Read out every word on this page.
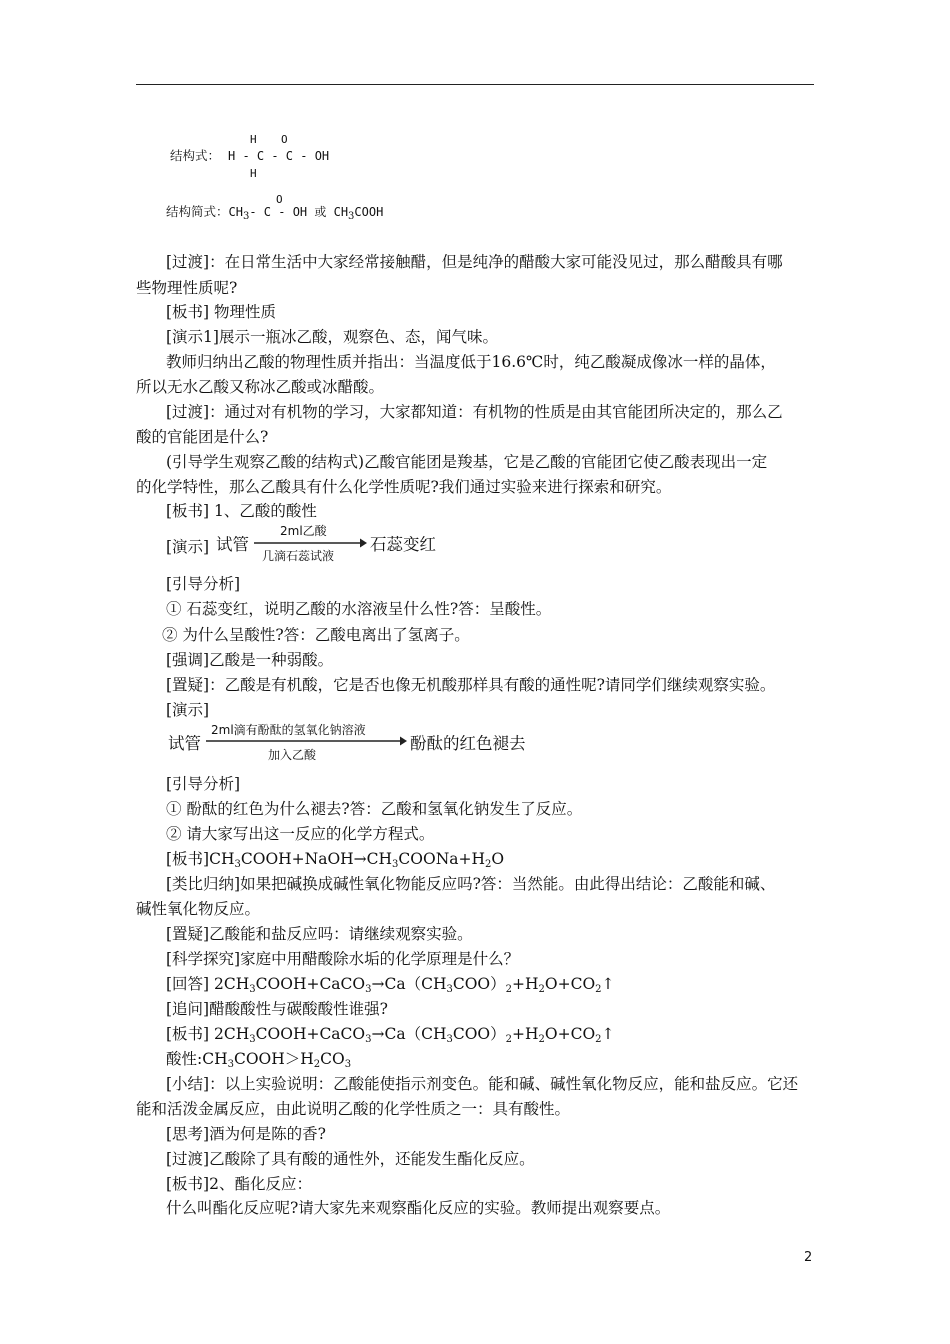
H O
结构式： H - C - C - OH
H
O
结构简式：$CH_3-$ C - OH 或 $CH_3COOH$
[过渡]：在日常生活中大家经常接触醋，但是纯净的醋酸大家可能没见过，那么醋酸具有哪
些物理性质呢?
[板书] 物理性质
[演示1]展示一瓶冰乙酸，观察色、态，闻气味。
教师归纳出乙酸的物理性质并指出：当温度低于16.6℃时，纯乙酸凝成像冰一样的晶体，
所以无水乙酸又称冰乙酸或冰醋酸。
[过渡]：通过对有机物的学习，大家都知道：有机物的性质是由其官能团所决定的，那么乙
酸的官能团是什么?
(引导学生观察乙酸的结构式)乙酸官能团是羧基，它是乙酸的官能团它使乙酸表现出一定
的化学特性，那么乙酸具有什么化学性质呢?我们通过实验来进行探索和研究。
[板书] 1、乙酸的酸性
[演示] 试管
2ml乙酸
几滴石蕊试液
石蕊变红
[引导分析]
① 石蕊变红，说明乙酸的水溶液呈什么性?答：呈酸性。
② 为什么呈酸性?答：乙酸电离出了氢离子。
[强调]乙酸是一种弱酸。
[置疑]：乙酸是有机酸，它是否也像无机酸那样具有酸的通性呢?请同学们继续观察实验。
[演示]
试管
2ml滴有酚酞的氢氧化钠溶液
加入乙酸
酚酞的红色褪去
[引导分析]
① 酚酞的红色为什么褪去?答：乙酸和氢氧化钠发生了反应。
② 请大家写出这一反应的化学方程式。
[板书]$CH_3COOH+NaOH\to CH_3COONa+H_2O$
[类比归纳]如果把碱换成碱性氧化物能反应吗?答：当然能。由此得出结论：乙酸能和碱、
碱性氧化物反应。
[置疑]乙酸能和盐反应吗：请继续观察实验。
[科学探究]家庭中用醋酸除水垢的化学原理是什么？
[回答] $2CH_3COOH+CaCO_3\to Ca(CH_3COO)_2+H_2O+CO_2↑$
[追问]醋酸酸性与碳酸酸性谁强?
[板书] $2CH_3COOH+CaCO_3\to Ca(CH_3COO)_2+H_2O+CO_2↑$
酸性$:CH_3COOH>H_2CO_3$
[小结]：以上实验说明：乙酸能使指示剂变色。能和碱、碱性氧化物反应，能和盐反应。它还
能和活泼金属反应，由此说明乙酸的化学性质之一：具有酸性。
[思考]酒为何是陈的香?
[过渡]乙酸除了具有酸的通性外，还能发生酯化反应。
[板书]2、酯化反应：
什么叫酯化反应呢?请大家先来观察酯化反应的实验。教师提出观察要点。
2
